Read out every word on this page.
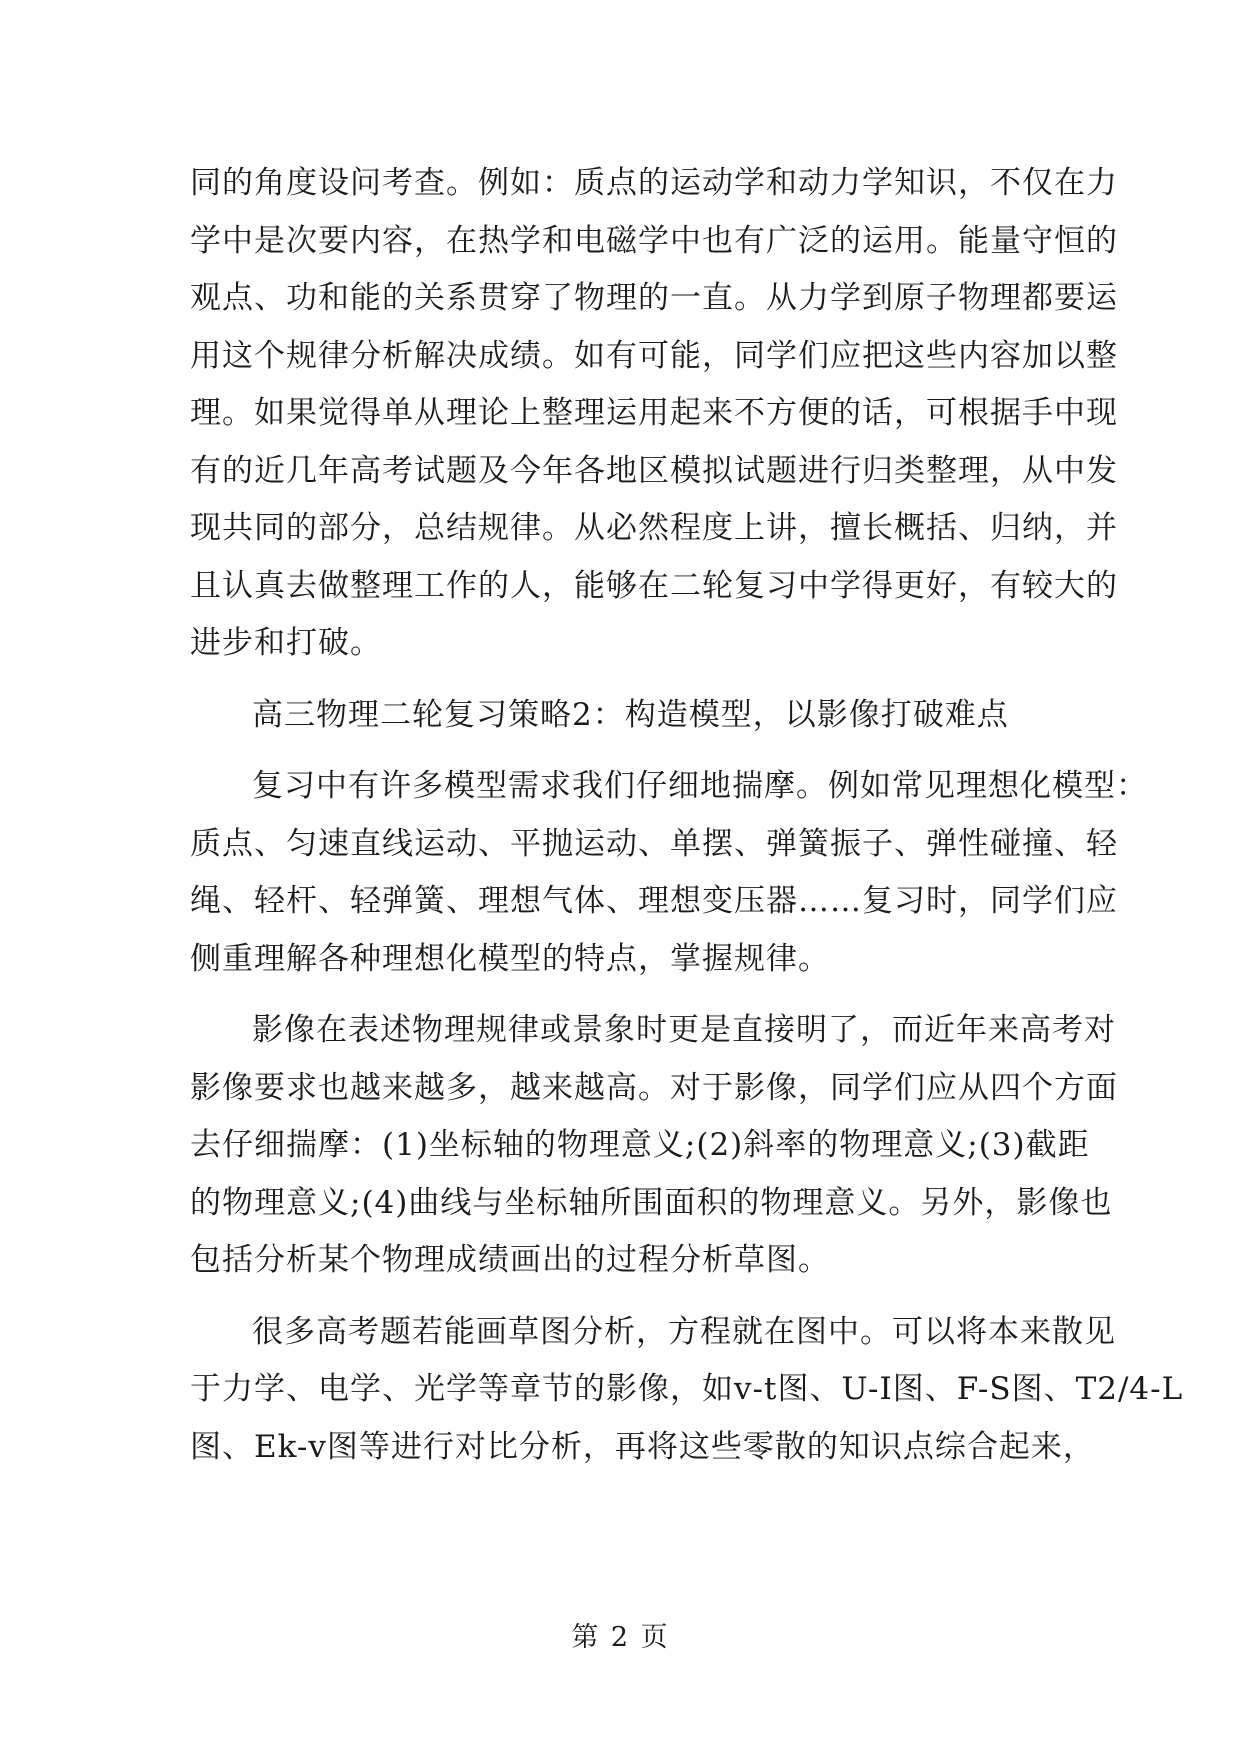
同的角度设问考查。例如：质点的运动学和动力学知识，不仅在力
学中是次要内容，在热学和电磁学中也有广泛的运用。能量守恒的
观点、功和能的关系贯穿了物理的一直。从力学到原子物理都要运
用这个规律分析解决成绩。如有可能，同学们应把这些内容加以整
理。如果觉得单从理论上整理运用起来不方便的话，可根据手中现
有的近几年高考试题及今年各地区模拟试题进行归类整理，从中发
现共同的部分，总结规律。从必然程度上讲，擅长概括、归纳，并
且认真去做整理工作的人，能够在二轮复习中学得更好，有较大的
进步和打破。
高三物理二轮复习策略2：构造模型，以影像打破难点
复习中有许多模型需求我们仔细地揣摩。例如常见理想化模型：
质点、匀速直线运动、平抛运动、单摆、弹簧振子、弹性碰撞、轻
绳、轻杆、轻弹簧、理想气体、理想变压器……复习时，同学们应
侧重理解各种理想化模型的特点，掌握规律。
影像在表述物理规律或景象时更是直接明了，而近年来高考对
影像要求也越来越多，越来越高。对于影像，同学们应从四个方面
去仔细揣摩：(1)坐标轴的物理意义;(2)斜率的物理意义;(3)截距
的物理意义;(4)曲线与坐标轴所围面积的物理意义。另外，影像也
包括分析某个物理成绩画出的过程分析草图。
很多高考题若能画草图分析，方程就在图中。可以将本来散见
于力学、电学、光学等章节的影像，如v-t图、U-I图、F-S图、T2/4-L
图、Ek-v图等进行对比分析，再将这些零散的知识点综合起来，
第 2 页
